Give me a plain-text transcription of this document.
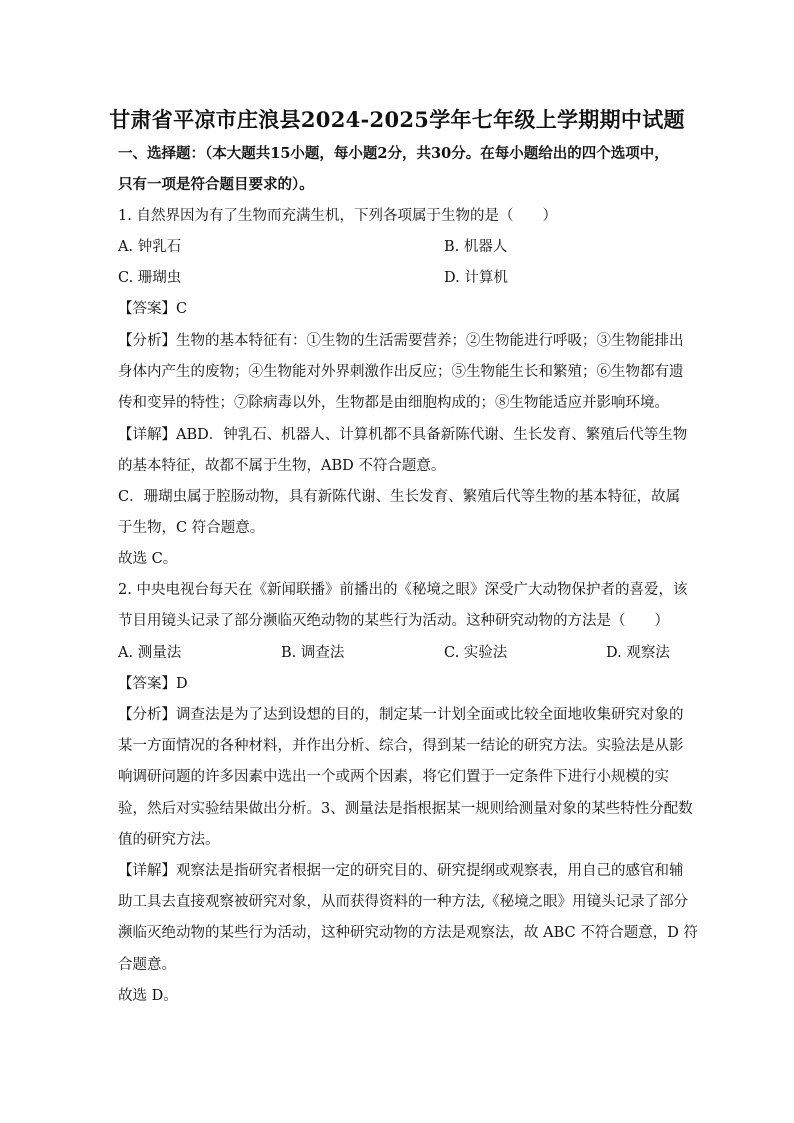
甘肃省平凉市庄浪县2024-2025学年七年级上学期期中试题
一、选择题：（本大题共15小题，每小题2分，共30分。在每小题给出的四个选项中，
只有一项是符合题目要求的）。
1. 自然界因为有了生物而充满生机，下列各项属于生物的是（　　）
A. 钟乳石	B. 机器人
C. 珊瑚虫	D. 计算机
【答案】C
【分析】生物的基本特征有：①生物的生活需要营养；②生物能进行呼吸；③生物能排出
身体内产生的废物；④生物能对外界刺激作出反应；⑤生物能生长和繁殖；⑥生物都有遗
传和变异的特性；⑦除病毒以外，生物都是由细胞构成的；⑧生物能适应并影响环境。
【详解】ABD．钟乳石、机器人、计算机都不具备新陈代谢、生长发育、繁殖后代等生物
的基本特征，故都不属于生物，ABD 不符合题意。
C．珊瑚虫属于腔肠动物，具有新陈代谢、生长发育、繁殖后代等生物的基本特征，故属
于生物，C 符合题意。
故选 C。
2. 中央电视台每天在《新闻联播》前播出的《秘境之眼》深受广大动物保护者的喜爱，该
节目用镜头记录了部分濒临灭绝动物的某些行为活动。这种研究动物的方法是（　　）
A. 测量法	B. 调查法	C. 实验法	D. 观察法
【答案】D
【分析】调查法是为了达到设想的目的，制定某一计划全面或比较全面地收集研究对象的
某一方面情况的各种材料，并作出分析、综合，得到某一结论的研究方法。实验法是从影
响调研问题的许多因素中选出一个或两个因素，将它们置于一定条件下进行小规模的实
验，然后对实验结果做出分析。3、测量法是指根据某一规则给测量对象的某些特性分配数
值的研究方法。
【详解】观察法是指研究者根据一定的研究目的、研究提纲或观察表，用自己的感官和辅
助工具去直接观察被研究对象，从而获得资料的一种方法,《秘境之眼》用镜头记录了部分
濒临灭绝动物的某些行为活动，这种研究动物的方法是观察法，故 ABC 不符合题意，D 符
合题意。
故选 D。
